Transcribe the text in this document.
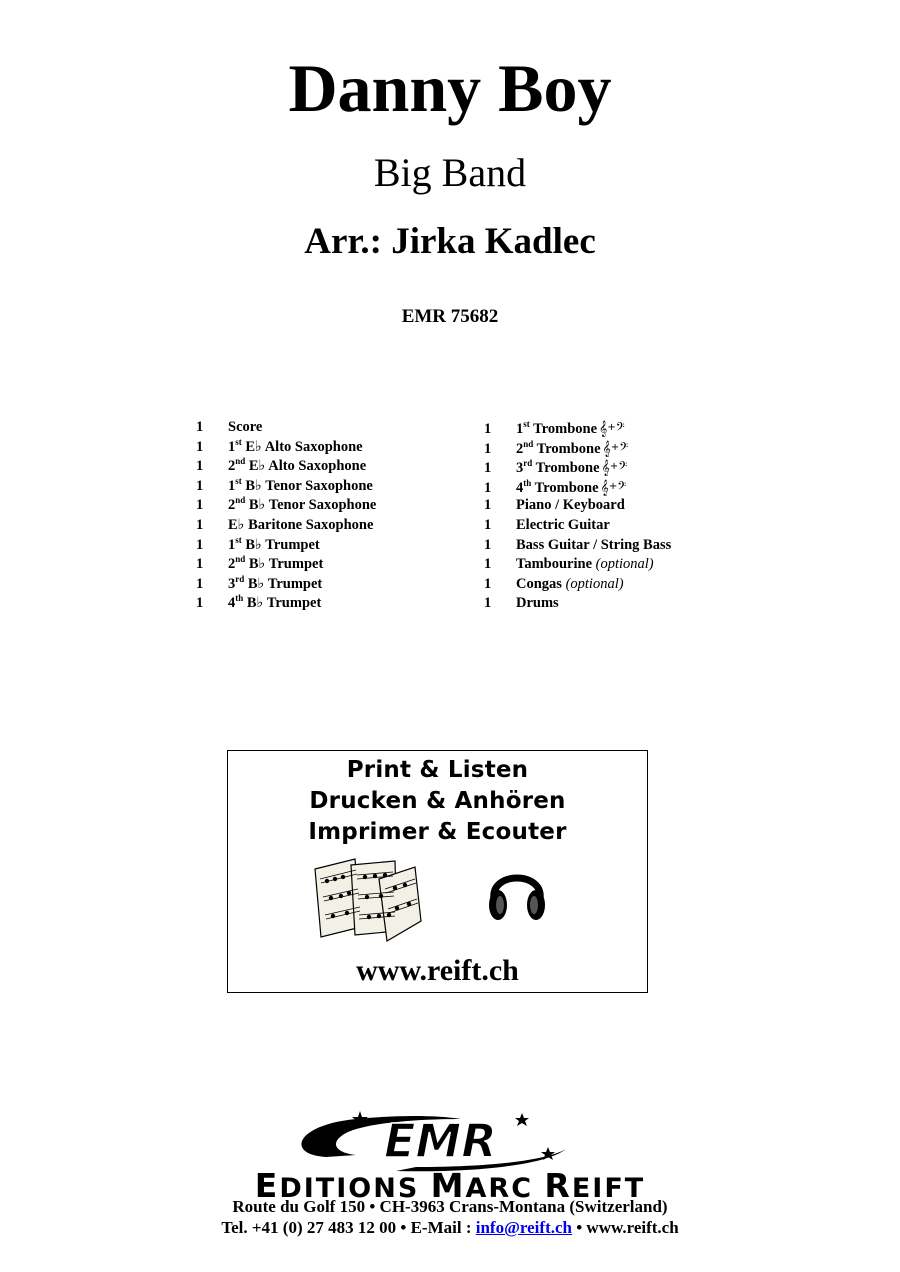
Danny Boy
Big Band
Arr.: Jirka Kadlec
EMR 75682
1 Score
1 1st E♭ Alto Saxophone
1 2nd E♭ Alto Saxophone
1 1st B♭ Tenor Saxophone
1 2nd B♭ Tenor Saxophone
1 E♭ Baritone Saxophone
1 1st B♭ Trumpet
1 2nd B♭ Trumpet
1 3rd B♭ Trumpet
1 4th B♭ Trumpet
1 1st Trombone 𝄞+𝄢
1 2nd Trombone 𝄞+𝄢
1 3rd Trombone 𝄞+𝄢
1 4th Trombone 𝄞+𝄢
1 Piano / Keyboard
1 Electric Guitar
1 Bass Guitar / String Bass
1 Tambourine (optional)
1 Congas (optional)
1 Drums
Print & Listen
Drucken & Anhören
Imprimer & Ecouter
www.reift.ch
EMR
EDITIONS MARC REIFT
Route du Golf 150 • CH-3963 Crans-Montana (Switzerland)
Tel. +41 (0) 27 483 12 00 • E-Mail : info@reift.ch • www.reift.ch
